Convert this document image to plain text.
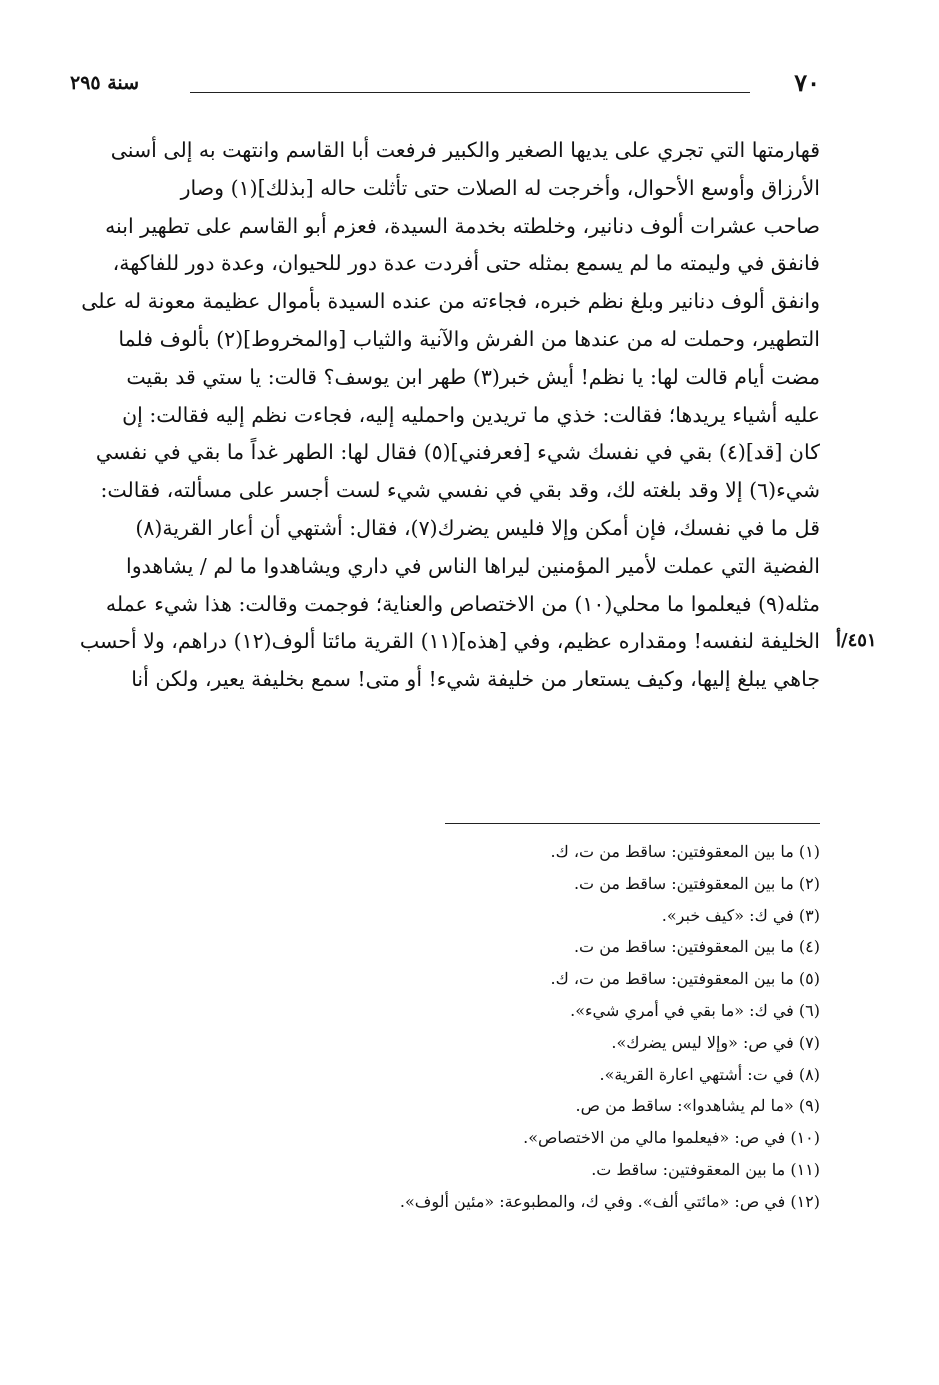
٧٠
سنة ٢٩٥
قهارمتها التي تجري على يديها الصغير والكبير فرفعت أبا القاسم وانتهت به إلى أسنى
الأرزاق وأوسع الأحوال، وأخرجت له الصلات حتى تأثلت حاله [بذلك](١) وصار
صاحب عشرات ألوف دنانير، وخلطته بخدمة السيدة، فعزم أبو القاسم على تطهير ابنه
فانفق في وليمته ما لم يسمع بمثله حتى أفردت عدة دور للحيوان، وعدة دور للفاكهة،
وانفق ألوف دنانير وبلغ نظم خبره، فجاءته من عنده السيدة بأموال عظيمة معونة له على
التطهير، وحملت له من عندها من الفرش والآنية والثياب [والمخروط](٢) بألوف فلما
مضت أيام قالت لها: يا نظم! أيش خبر(٣) طهر ابن يوسف؟ قالت: يا ستي قد بقيت
عليه أشياء يريدها؛ فقالت: خذي ما تريدين واحمليه إليه، فجاءت نظم إليه فقالت: إن
كان [قد](٤) بقي في نفسك شيء [فعرفني](٥) فقال لها: الطهر غداً ما بقي في نفسي
شيء(٦) إلا وقد بلغته لك، وقد بقي في نفسي شيء لست أجسر على مسألته، فقالت:
قل ما في نفسك، فإن أمكن وإلا فليس يضرك(٧)، فقال: أشتهي أن أعار القرية(٨)
الفضية التي عملت لأمير المؤمنين ليراها الناس في داري ويشاهدوا ما لم / يشاهدوا
مثله(٩) فيعلموا ما محلي(١٠) من الاختصاص والعناية؛ فوجمت وقالت: هذا شيء عمله
الخليفة لنفسه! ومقداره عظيم، وفي [هذه](١١) القرية مائتا ألوف(١٢) دراهم، ولا أحسب
جاهي يبلغ إليها، وكيف يستعار من خليفة شيء! أو متى! سمع بخليفة يعير، ولكن أنا
٤٥١/أ
(١) ما بين المعقوفتين: ساقط من ت، ك.
(٢) ما بين المعقوفتين: ساقط من ت.
(٣) في ك: «كيف خبر».
(٤) ما بين المعقوفتين: ساقط من ت.
(٥) ما بين المعقوفتين: ساقط من ت، ك.
(٦) في ك: «ما بقي في أمري شيء».
(٧) في ص: «وإلا ليس يضرك».
(٨) في ت: أشتهي اعارة القرية».
(٩) «ما لم يشاهدوا»: ساقط من ص.
(١٠) في ص: «فيعلموا مالي من الاختصاص».
(١١) ما بين المعقوفتين: ساقط ت.
(١٢) في ص: «مائتي ألف». وفي ك، والمطبوعة: «مئين ألوف».
